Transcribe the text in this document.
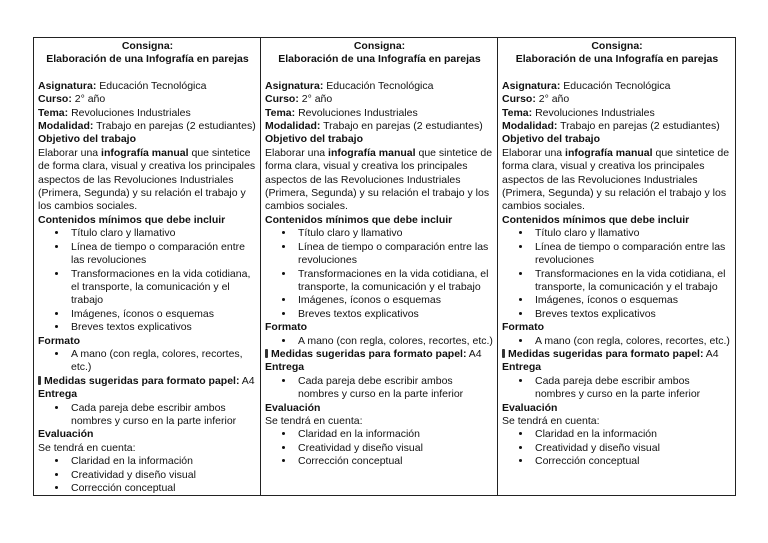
Consigna:
Elaboración de una Infografía en parejas
Asignatura: Educación Tecnológica
Curso: 2° año
Tema: Revoluciones Industriales
Modalidad: Trabajo en parejas (2 estudiantes)
Objetivo del trabajo
Elaborar una infografía manual que sintetice de forma clara, visual y creativa los principales aspectos de las Revoluciones Industriales (Primera, Segunda) y su relación el trabajo y los cambios sociales.
Contenidos mínimos que debe incluir
• Título claro y llamativo
• Línea de tiempo o comparación entre las revoluciones
• Transformaciones en la vida cotidiana, el transporte, la comunicación y el trabajo
• Imágenes, íconos o esquemas
• Breves textos explicativos
Formato
• A mano (con regla, colores, recortes, etc.)
Medidas sugeridas para formato papel: A4
Entrega
• Cada pareja debe escribir ambos nombres y curso en la parte inferior
Evaluación
Se tendrá en cuenta:
• Claridad en la información
• Creatividad y diseño visual
• Corrección conceptual

Consigna:
Elaboración de una Infografía en parejas
Asignatura: Educación Tecnológica
Curso: 2° año
Tema: Revoluciones Industriales
Modalidad: Trabajo en parejas (2 estudiantes)
Objetivo del trabajo
Elaborar una infografía manual que sintetice de forma clara, visual y creativa los principales aspectos de las Revoluciones Industriales (Primera, Segunda) y su relación el trabajo y los cambios sociales.
Contenidos mínimos que debe incluir
• Título claro y llamativo
• Línea de tiempo o comparación entre las revoluciones
• Transformaciones en la vida cotidiana, el transporte, la comunicación y el trabajo
• Imágenes, íconos o esquemas
• Breves textos explicativos
Formato
• A mano (con regla, colores, recortes, etc.)
Medidas sugeridas para formato papel: A4
Entrega
• Cada pareja debe escribir ambos nombres y curso en la parte inferior
Evaluación
Se tendrá en cuenta:
• Claridad en la información
• Creatividad y diseño visual
• Corrección conceptual

Consigna:
Elaboración de una Infografía en parejas
Asignatura: Educación Tecnológica
Curso: 2° año
Tema: Revoluciones Industriales
Modalidad: Trabajo en parejas (2 estudiantes)
Objetivo del trabajo
Elaborar una infografía manual que sintetice de forma clara, visual y creativa los principales aspectos de las Revoluciones Industriales (Primera, Segunda) y su relación el trabajo y los cambios sociales.
Contenidos mínimos que debe incluir
• Título claro y llamativo
• Línea de tiempo o comparación entre las revoluciones
• Transformaciones en la vida cotidiana, el transporte, la comunicación y el trabajo
• Imágenes, íconos o esquemas
• Breves textos explicativos
Formato
• A mano (con regla, colores, recortes, etc.)
Medidas sugeridas para formato papel: A4
Entrega
• Cada pareja debe escribir ambos nombres y curso en la parte inferior
Evaluación
Se tendrá en cuenta:
• Claridad en la información
• Creatividad y diseño visual
• Corrección conceptual
